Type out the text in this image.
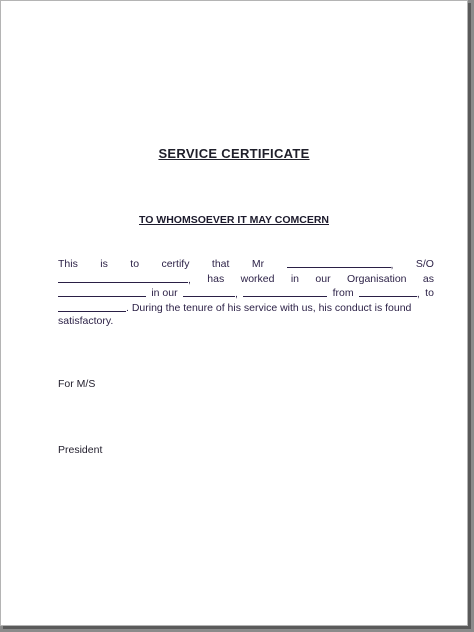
SERVICE CERTIFICATE
TO WHOMSOEVER IT MAY COMCERN
This is to certify that Mr	, S/O
, has worked in our Organisation as
in our	,	from	, to
. During the tenure of his service with us, his conduct is found
satisfactory.
For M/S
President
